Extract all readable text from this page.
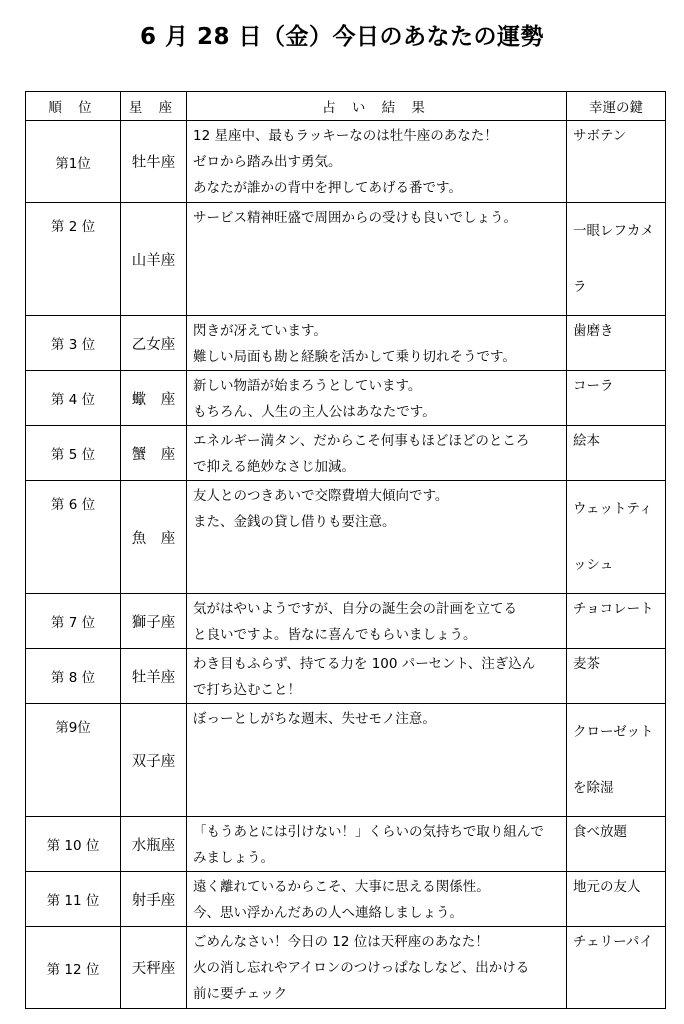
6 月 28 日（金）今日のあなたの運勢
順 位	星 座	占 い 結 果	幸運の鍵
第1位	牡牛座	12 星座中、最もラッキーなのは牡牛座のあなた！
ゼロから踏み出す勇気。
あなたが誰かの背中を押してあげる番です。	サボテン
第 2 位	山羊座	サービス精神旺盛で周囲からの受けも良いでしょう。	一眼レフカメラ
第 3 位	乙女座	閃きが冴えています。
難しい局面も勘と経験を活かして乗り切れそうです。	歯磨き
第 4 位	蠍　座	新しい物語が始まろうとしています。
もちろん、人生の主人公はあなたです。	コーラ
第 5 位	蟹　座	エネルギー満タン、だからこそ何事もほどほどのところ
で抑える絶妙なさじ加減。	絵本
第 6 位	魚　座	友人とのつきあいで交際費増大傾向です。
また、金銭の貸し借りも要注意。	ウェットティッシュ
第 7 位	獅子座	気がはやいようですが、自分の誕生会の計画を立てる
と良いですよ。皆なに喜んでもらいましょう。	チョコレート
第 8 位	牡羊座	わき目もふらず、持てる力を 100 パーセント、注ぎ込ん
で打ち込むこと！	麦茶
第9位	双子座	ぼっーとしがちな週末、失せモノ注意。	クローゼットを除湿
第 10 位	水瓶座	「もうあとには引けない！」くらいの気持ちで取り組んで
みましょう。	食べ放題
第 11 位	射手座	遠く離れているからこそ、大事に思える関係性。
今、思い浮かんだあの人へ連絡しましょう。	地元の友人
第 12 位	天秤座	ごめんなさい！今日の 12 位は天秤座のあなた！
火の消し忘れやアイロンのつけっぱなしなど、出かける
前に要チェック	チェリーパイ
